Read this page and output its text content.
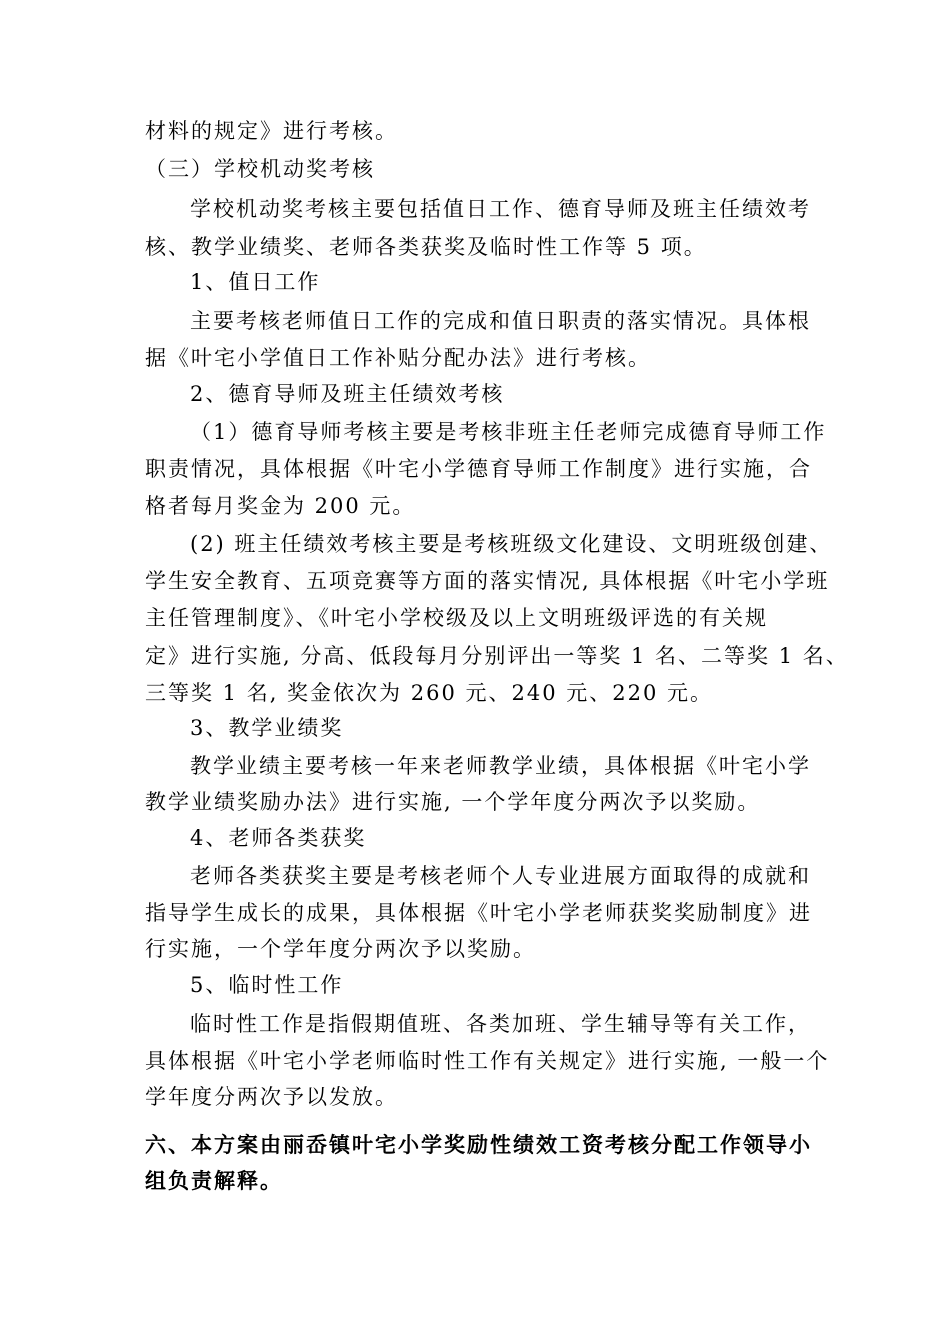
材料的规定》进行考核。
（三）学校机动奖考核
学校机动奖考核主要包括值日工作、德育导师及班主任绩效考
核、教学业绩奖、老师各类获奖及临时性工作等 5 项。
1、值日工作
主要考核老师值日工作的完成和值日职责的落实情况。具体根
据《叶宅小学值日工作补贴分配办法》进行考核。
2、德育导师及班主任绩效考核
（1）德育导师考核主要是考核非班主任老师完成德育导师工作
职责情况，具体根据《叶宅小学德育导师工作制度》进行实施，合
格者每月奖金为 200 元。
(2) 班主任绩效考核主要是考核班级文化建设、文明班级创建、
学生安全教育、五项竞赛等方面的落实情况, 具体根据《叶宅小学班
主任管理制度》、《叶宅小学校级及以上文明班级评选的有关规
定》进行实施, 分高、低段每月分别评出一等奖 1 名、二等奖 1 名、
三等奖 1 名, 奖金依次为 260 元、240 元、220 元。
3、教学业绩奖
教学业绩主要考核一年来老师教学业绩，具体根据《叶宅小学
教学业绩奖励办法》进行实施, 一个学年度分两次予以奖励。
4、老师各类获奖
老师各类获奖主要是考核老师个人专业进展方面取得的成就和
指导学生成长的成果，具体根据《叶宅小学老师获奖奖励制度》进
行实施，一个学年度分两次予以奖励。
5、临时性工作
临时性工作是指假期值班、各类加班、学生辅导等有关工作，
具体根据《叶宅小学老师临时性工作有关规定》进行实施, 一般一个
学年度分两次予以发放。
六、本方案由丽岙镇叶宅小学奖励性绩效工资考核分配工作领导小
组负责解释。
